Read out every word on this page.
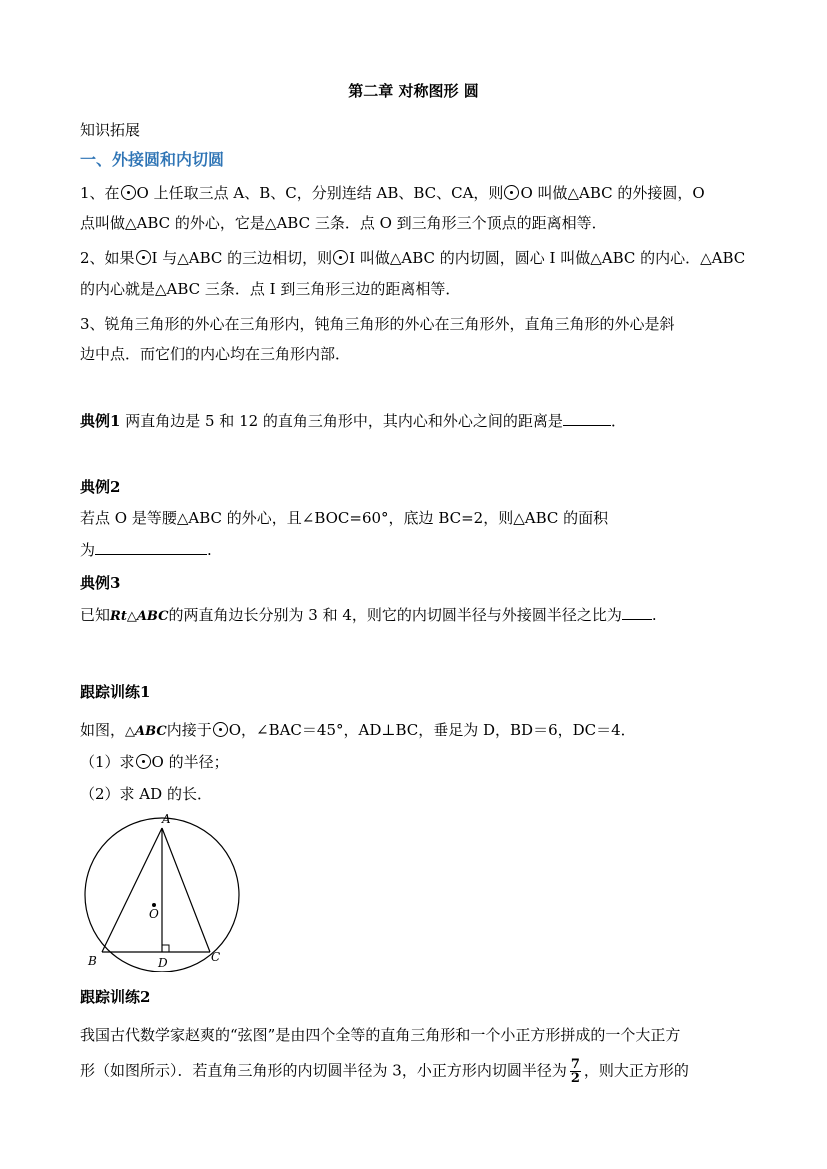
第二章 对称图形 圆
知识拓展
一、外接圆和内切圆
1、在 O 上任取三点 A、B、C，分别连结 AB、BC、CA，则 O 叫做△ABC 的外接圆，O
点叫做△ABC 的外心，它是△ABC 三条．点 O 到三角形三个顶点的距离相等．
2、如果 I 与△ABC 的三边相切，则 I 叫做△ABC 的内切圆，圆心 I 叫做△ABC 的内心．△ABC
的内心就是△ABC 三条．点 I 到三角形三边的距离相等．
3、锐角三角形的外心在三角形内，钝角三角形的外心在三角形外，直角三角形的外心是斜
边中点．而它们的内心均在三角形内部．
典例1 两直角边是 5 和 12 的直角三角形中，其内心和外心之间的距离是	．
典例2
若点 O 是等腰△ABC 的外心，且∠BOC=60°，底边 BC=2，则△ABC 的面积
为	.
典例3
已知Rt△ABC的两直角边长分别为 3 和 4，则它的内切圆半径与外接圆半径之比为 .
跟踪训练1
如图，△ABC内接于 O，∠BAC＝45°，AD⊥BC，垂足为 D，BD＝6，DC＝4．
（1）求 O 的半径；
（2）求 AD 的长．
A
B	C
D
O
跟踪训练2
我国古代数学家赵爽的“弦图”是由四个全等的直角三角形和一个小正方形拼成的一个大正方
形（如图所示）．若直角三角形的内切圆半径为 3，小正方形内切圆半径为 $\frac{7}{2}$ ，则大正方形的
